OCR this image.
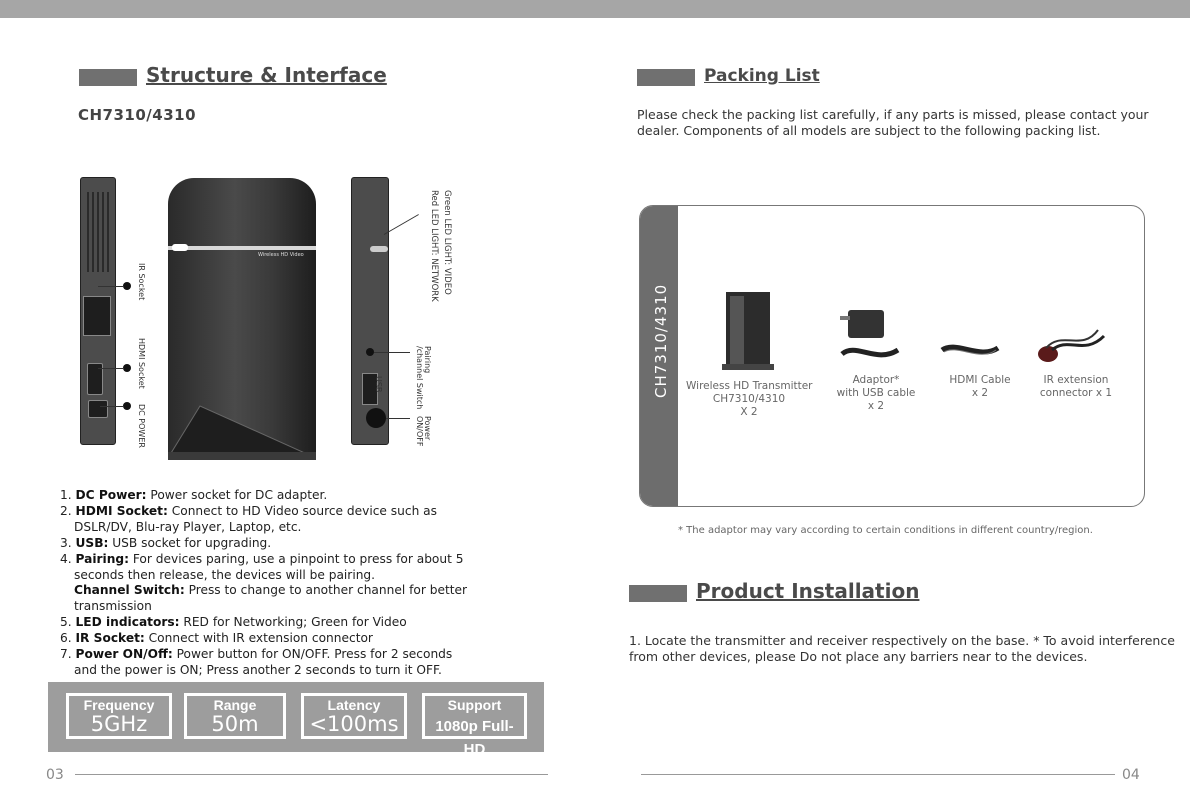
Structure & Interface
CH7310/4310
IR Socket
HDMI Socket
DC POWER
Wireless HD Video	Green LED LIGHT: VIDEO
Red LED LIGHT: NETWORK
Pairing
/channel Switch
USB
Power
ON/OFF
1. DC Power: Power socket for DC adapter.
2. HDMI Socket: Connect to HD Video source device such as
DSLR/DV, Blu-ray Player, Laptop, etc.
3. USB: USB socket for upgrading.
4. Pairing: For devices paring, use a pinpoint to press for about 5
seconds then release, the devices will be pairing.
Channel Switch: Press to change to another channel for better
transmission
5. LED indicators: RED for Networking; Green for Video
6. IR Socket: Connect with IR extension connector
7. Power ON/Off: Power button for ON/OFF. Press for 2 seconds
and the power is ON; Press another 2 seconds to turn it OFF.
Frequency
5GHz
Range
50m
Latency
<100ms
Support
1080p Full-HD
03
Packing List
Please check the packing list carefully, if any parts is missed, please contact your
dealer. Components of all models are subject to the following packing list.
CH7310/4310 Wireless HD Transmitter
CH7310/4310
X 2
Adaptor*
with USB cable
x 2
HDMI Cable
x 2
IR extension
connector x 1
* The adaptor may vary according to certain conditions in different country/region.
Product Installation
1. Locate the transmitter and receiver respectively on the base. * To avoid interference
from other devices, please Do not place any barriers near to the devices.
04
